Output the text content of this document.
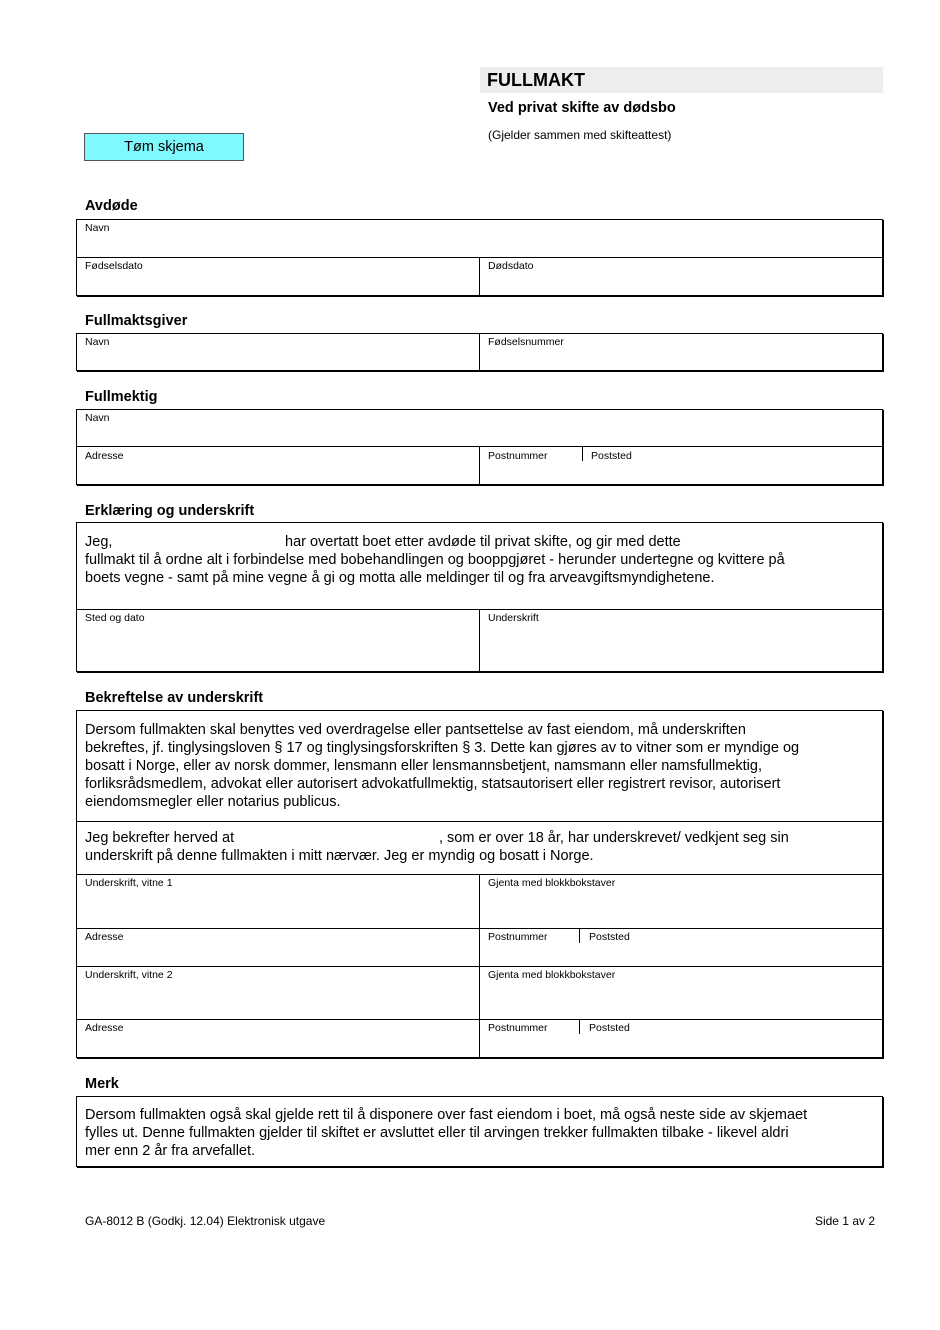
FULLMAKT
Ved privat skifte av dødsbo
(Gjelder sammen med skifteattest)
Tøm skjema
Avdøde
Navn
Fødselsdato	Dødsdato
Fullmaktsgiver
Navn	Fødselsnummer
Fullmektig
Navn
Adresse	Postnummer	Poststed
Erklæring og underskrift
Jeg,	har overtatt boet etter avdøde til privat skifte, og gir med dette
fullmakt til å ordne alt i forbindelse med bobehandlingen og booppgjøret - herunder undertegne og kvittere på
boets vegne - samt på mine vegne å gi og motta alle meldinger til og fra arveavgiftsmyndighetene.
Sted og dato	Underskrift
Bekreftelse av underskrift
Dersom fullmakten skal benyttes ved overdragelse eller pantsettelse av fast eiendom, må underskriften
bekreftes, jf. tinglysingsloven § 17 og tinglysingsforskriften § 3. Dette kan gjøres av to vitner som er myndige og
bosatt i Norge, eller av norsk dommer, lensmann eller lensmannsbetjent, namsmann eller namsfullmektig,
forliksrådsmedlem, advokat eller autorisert advokatfullmektig, statsautorisert eller registrert revisor, autorisert
eiendomsmegler eller notarius publicus.
Jeg bekrefter herved at	, som er over 18 år, har underskrevet/ vedkjent seg sin
underskrift på denne fullmakten i mitt nærvær. Jeg er myndig og bosatt i Norge.
Underskrift, vitne 1	Gjenta med blokkbokstaver
Adresse	Postnummer	Poststed
Underskrift, vitne 2	Gjenta med blokkbokstaver
Adresse	Postnummer	Poststed
Merk
Dersom fullmakten også skal gjelde rett til å disponere over fast eiendom i boet, må også neste side av skjemaet
fylles ut. Denne fullmakten gjelder til skiftet er avsluttet eller til arvingen trekker fullmakten tilbake - likevel aldri
mer enn 2 år fra arvefallet.
GA-8012 B (Godkj. 12.04) Elektronisk utgave	Side 1 av 2
